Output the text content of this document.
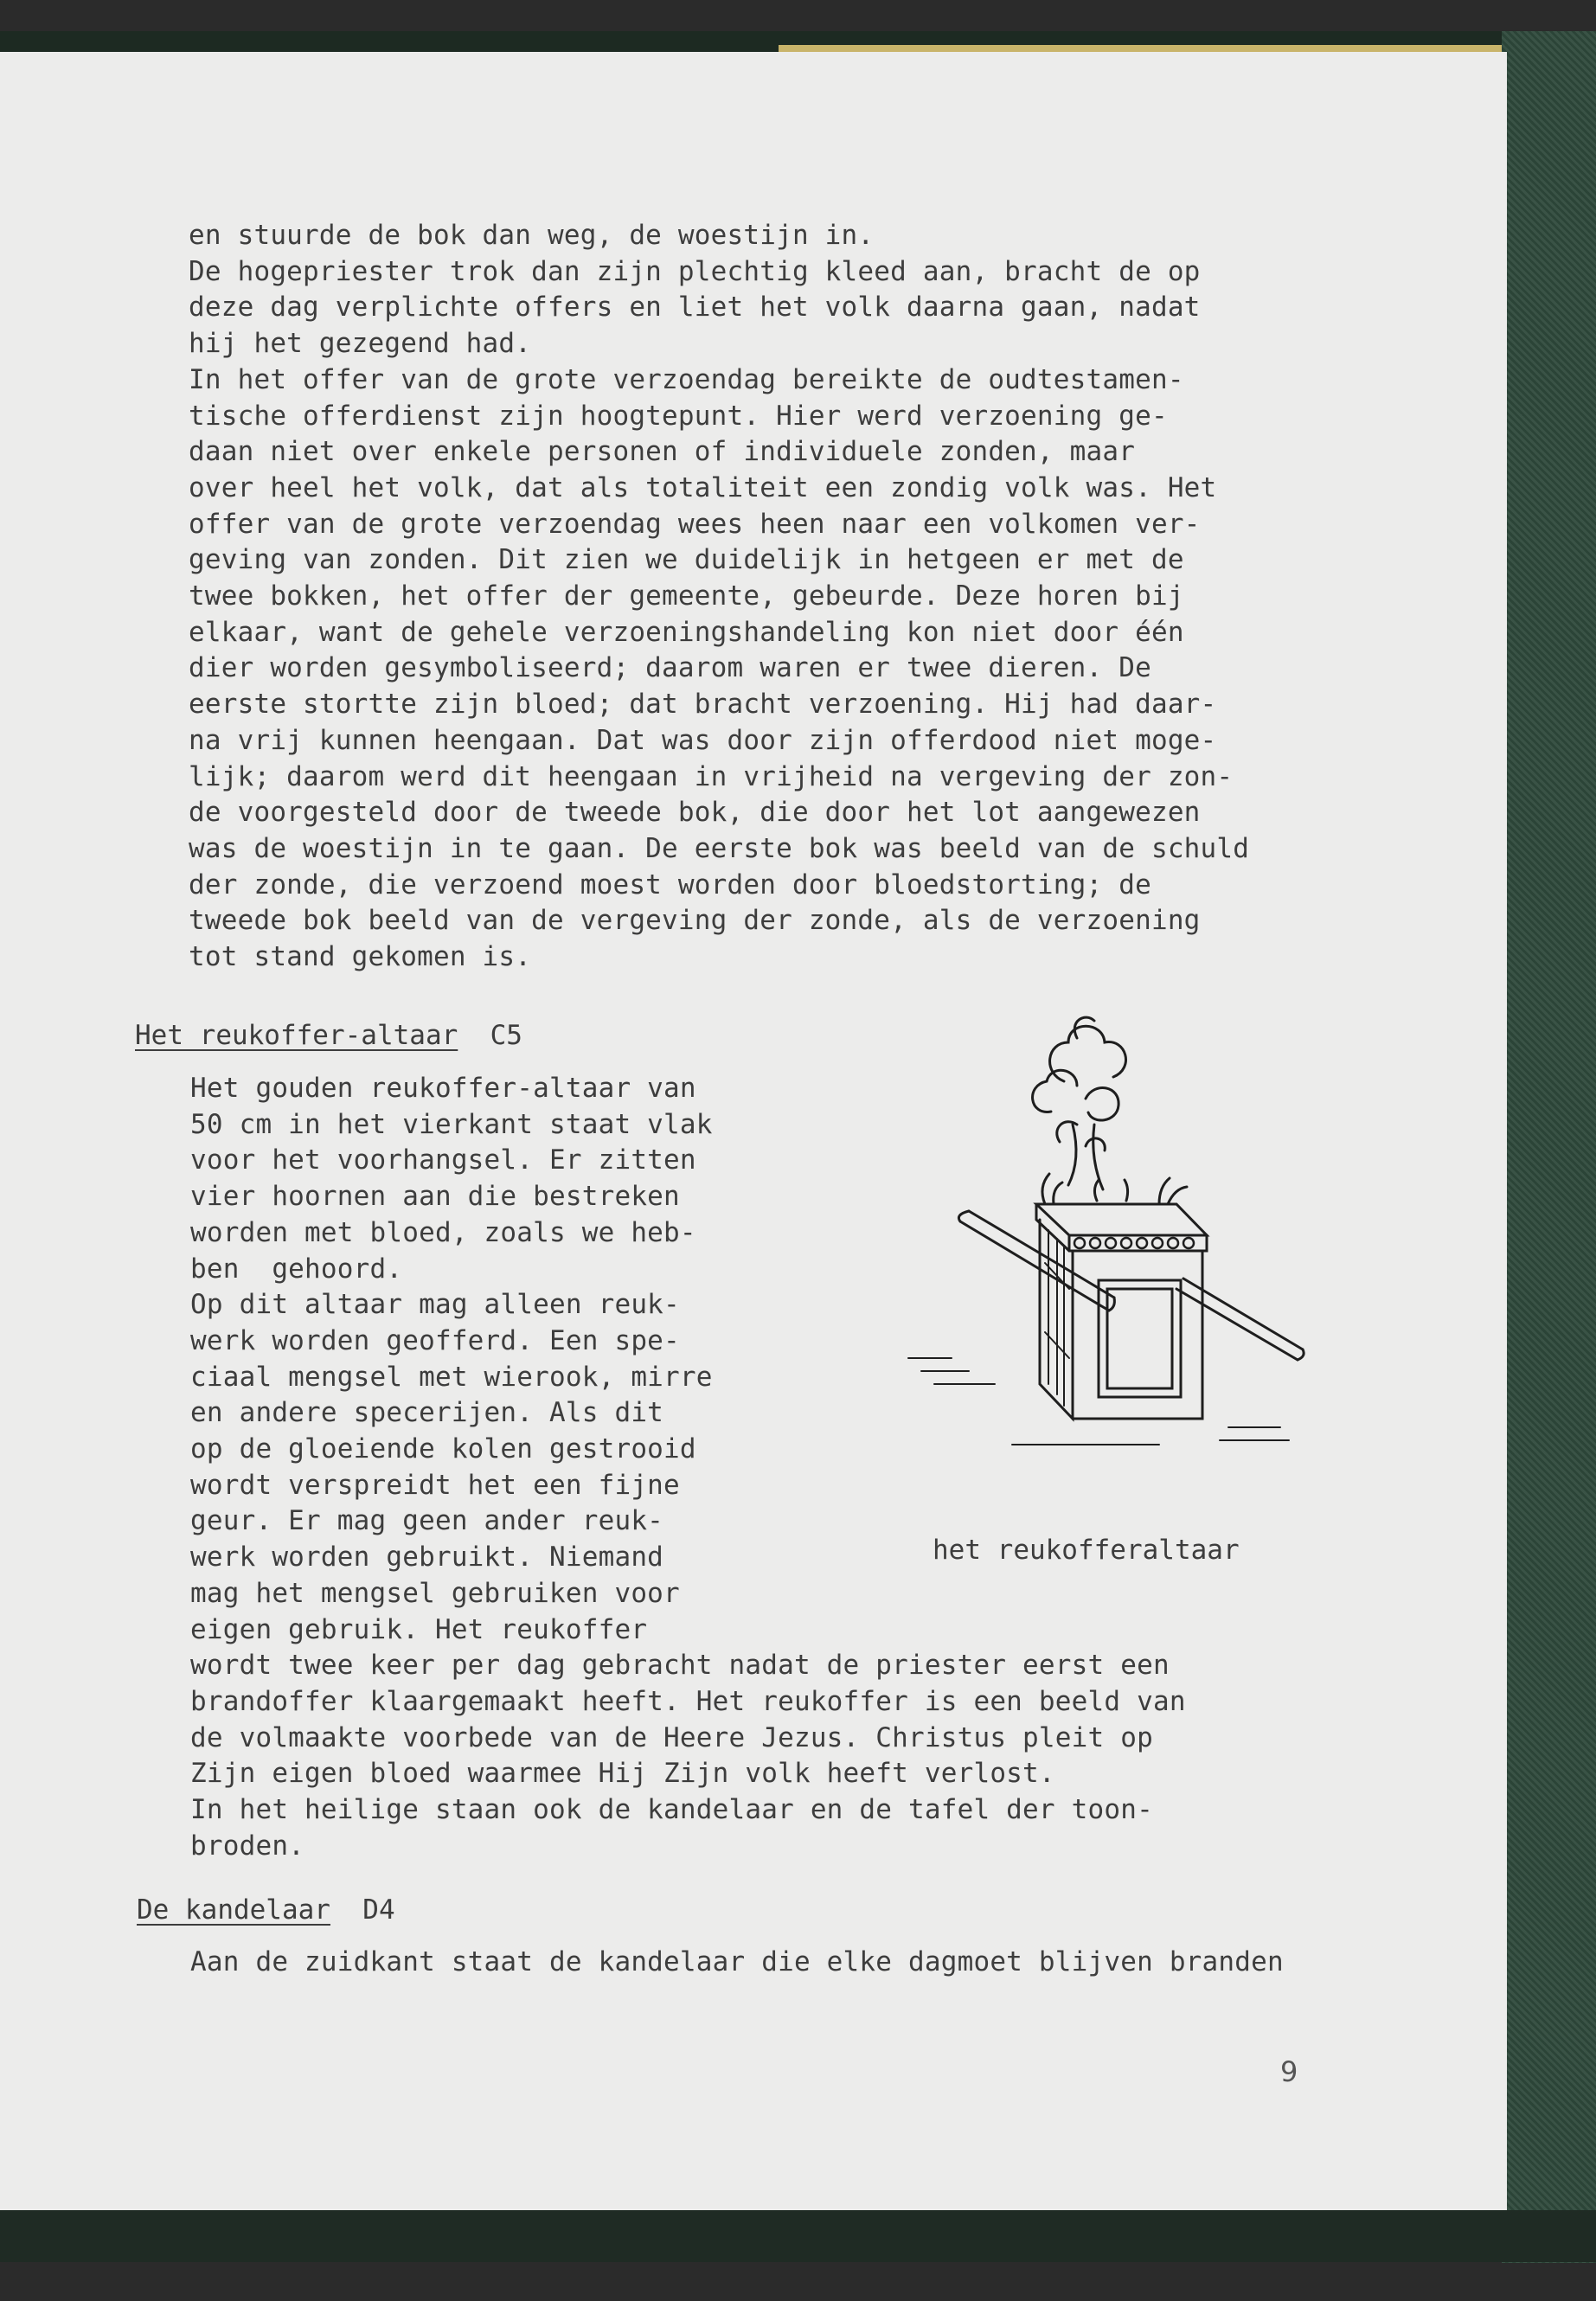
en stuurde de bok dan weg, de woestijn in.
De hogepriester trok dan zijn plechtig kleed aan, bracht de op
deze dag verplichte offers en liet het volk daarna gaan, nadat
hij het gezegend had.
In het offer van de grote verzoendag bereikte de oudtestamen-
tische offerdienst zijn hoogtepunt. Hier werd verzoening ge-
daan niet over enkele personen of individuele zonden, maar
over heel het volk, dat als totaliteit een zondig volk was. Het
offer van de grote verzoendag wees heen naar een volkomen ver-
geving van zonden. Dit zien we duidelijk in hetgeen er met de
twee bokken, het offer der gemeente, gebeurde. Deze horen bij
elkaar, want de gehele verzoeningshandeling kon niet door één
dier worden gesymboliseerd; daarom waren er twee dieren. De
eerste stortte zijn bloed; dat bracht verzoening. Hij had daar-
na vrij kunnen heengaan. Dat was door zijn offerdood niet moge-
lijk; daarom werd dit heengaan in vrijheid na vergeving der zon-
de voorgesteld door de tweede bok, die door het lot aangewezen
was de woestijn in te gaan. De eerste bok was beeld van de schuld
der zonde, die verzoend moest worden door bloedstorting; de
tweede bok beeld van de vergeving der zonde, als de verzoening
tot stand gekomen is.

Het reukoffer-altaar C5

Het gouden reukoffer-altaar van
50 cm in het vierkant staat vlak
voor het voorhangsel. Er zitten
vier hoornen aan die bestreken
worden met bloed, zoals we heb-
ben  gehoord.
Op dit altaar mag alleen reuk-
werk worden geofferd. Een spe-
ciaal mengsel met wierook, mirre
en andere specerijen. Als dit
op de gloeiende kolen gestrooid
wordt verspreidt het een fijne
geur. Er mag geen ander reuk-
werk worden gebruikt. Niemand
mag het mengsel gebruiken voor
eigen gebruik. Het reukoffer
wordt twee keer per dag gebracht nadat de priester eerst een
brandoffer klaargemaakt heeft. Het reukoffer is een beeld van
de volmaakte voorbede van de Heere Jezus. Christus pleit op
Zijn eigen bloed waarmee Hij Zijn volk heeft verlost.
In het heilige staan ook de kandelaar en de tafel der toon-
broden.

het reukofferaltaar
De kandelaar D4

Aan de zuidkant staat de kandelaar die elke dagmoet blijven branden

9
